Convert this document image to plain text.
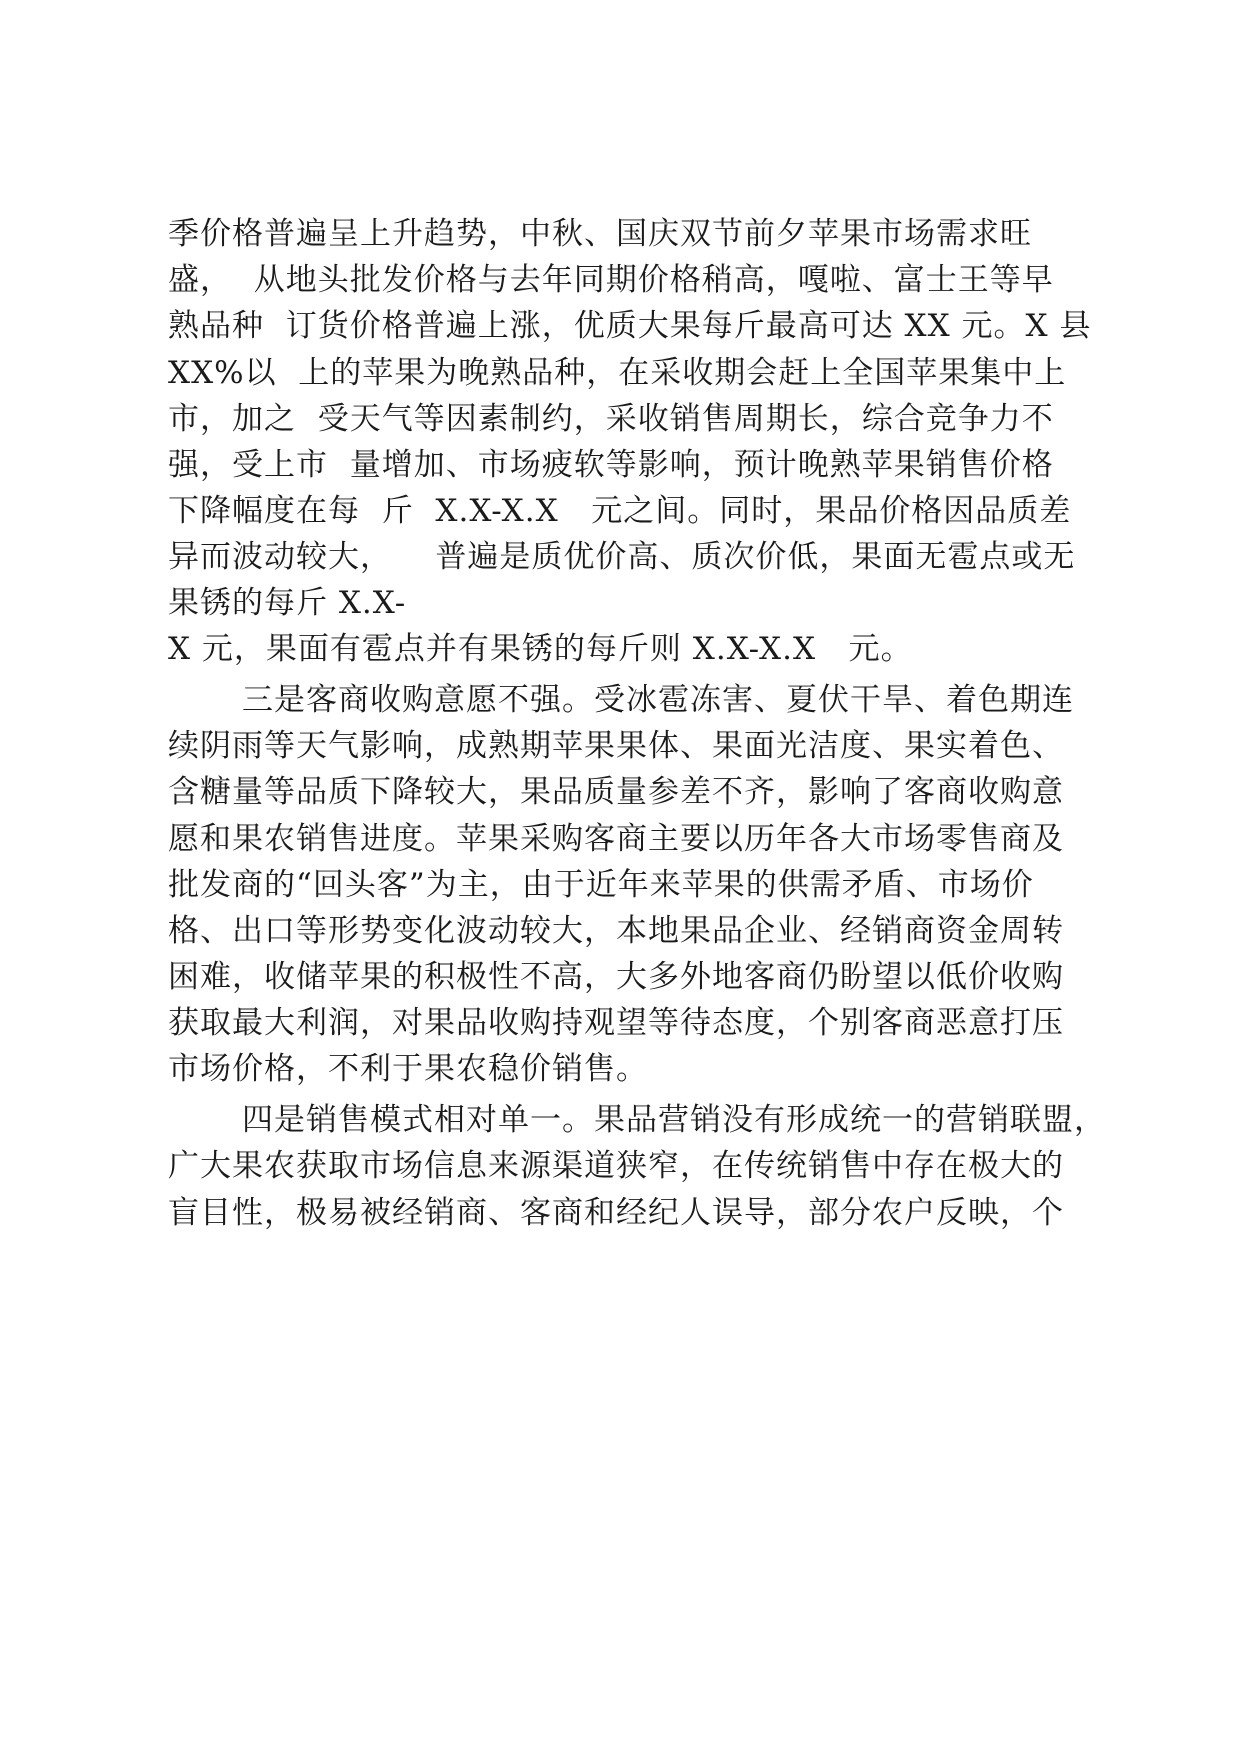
季价格普遍呈上升趋势，中秋、国庆双节前夕苹果市场需求旺
盛，  从地头批发价格与去年同期价格稍高，嘎啦、富士王等早
熟品种  订货价格普遍上涨，优质大果每斤最高可达 XX 元。X 县
XX%以  上的苹果为晚熟品种，在采收期会赶上全国苹果集中上
市，加之  受天气等因素制约，采收销售周期长，综合竞争力不
强，受上市  量增加、市场疲软等影响，预计晚熟苹果销售价格
下降幅度在每  斤  X.X-X.X   元之间。同时，果品价格因品质差
异而波动较大，    普遍是质优价高、质次价低，果面无雹点或无
果锈的每斤 X.X-
X 元，果面有雹点并有果锈的每斤则 X.X-X.X   元。
三是客商收购意愿不强。受冰雹冻害、夏伏干旱、着色期连
续阴雨等天气影响，成熟期苹果果体、果面光洁度、果实着色、
含糖量等品质下降较大，果品质量参差不齐，影响了客商收购意
愿和果农销售进度。苹果采购客商主要以历年各大市场零售商及
批发商的“回头客”为主，由于近年来苹果的供需矛盾、市场价
格、出口等形势变化波动较大，本地果品企业、经销商资金周转
困难，收储苹果的积极性不高，大多外地客商仍盼望以低价收购
获取最大利润，对果品收购持观望等待态度，个别客商恶意打压
市场价格，不利于果农稳价销售。
四是销售模式相对单一。果品营销没有形成统一的营销联盟，
广大果农获取市场信息来源渠道狭窄，在传统销售中存在极大的
盲目性，极易被经销商、客商和经纪人误导，部分农户反映，个
